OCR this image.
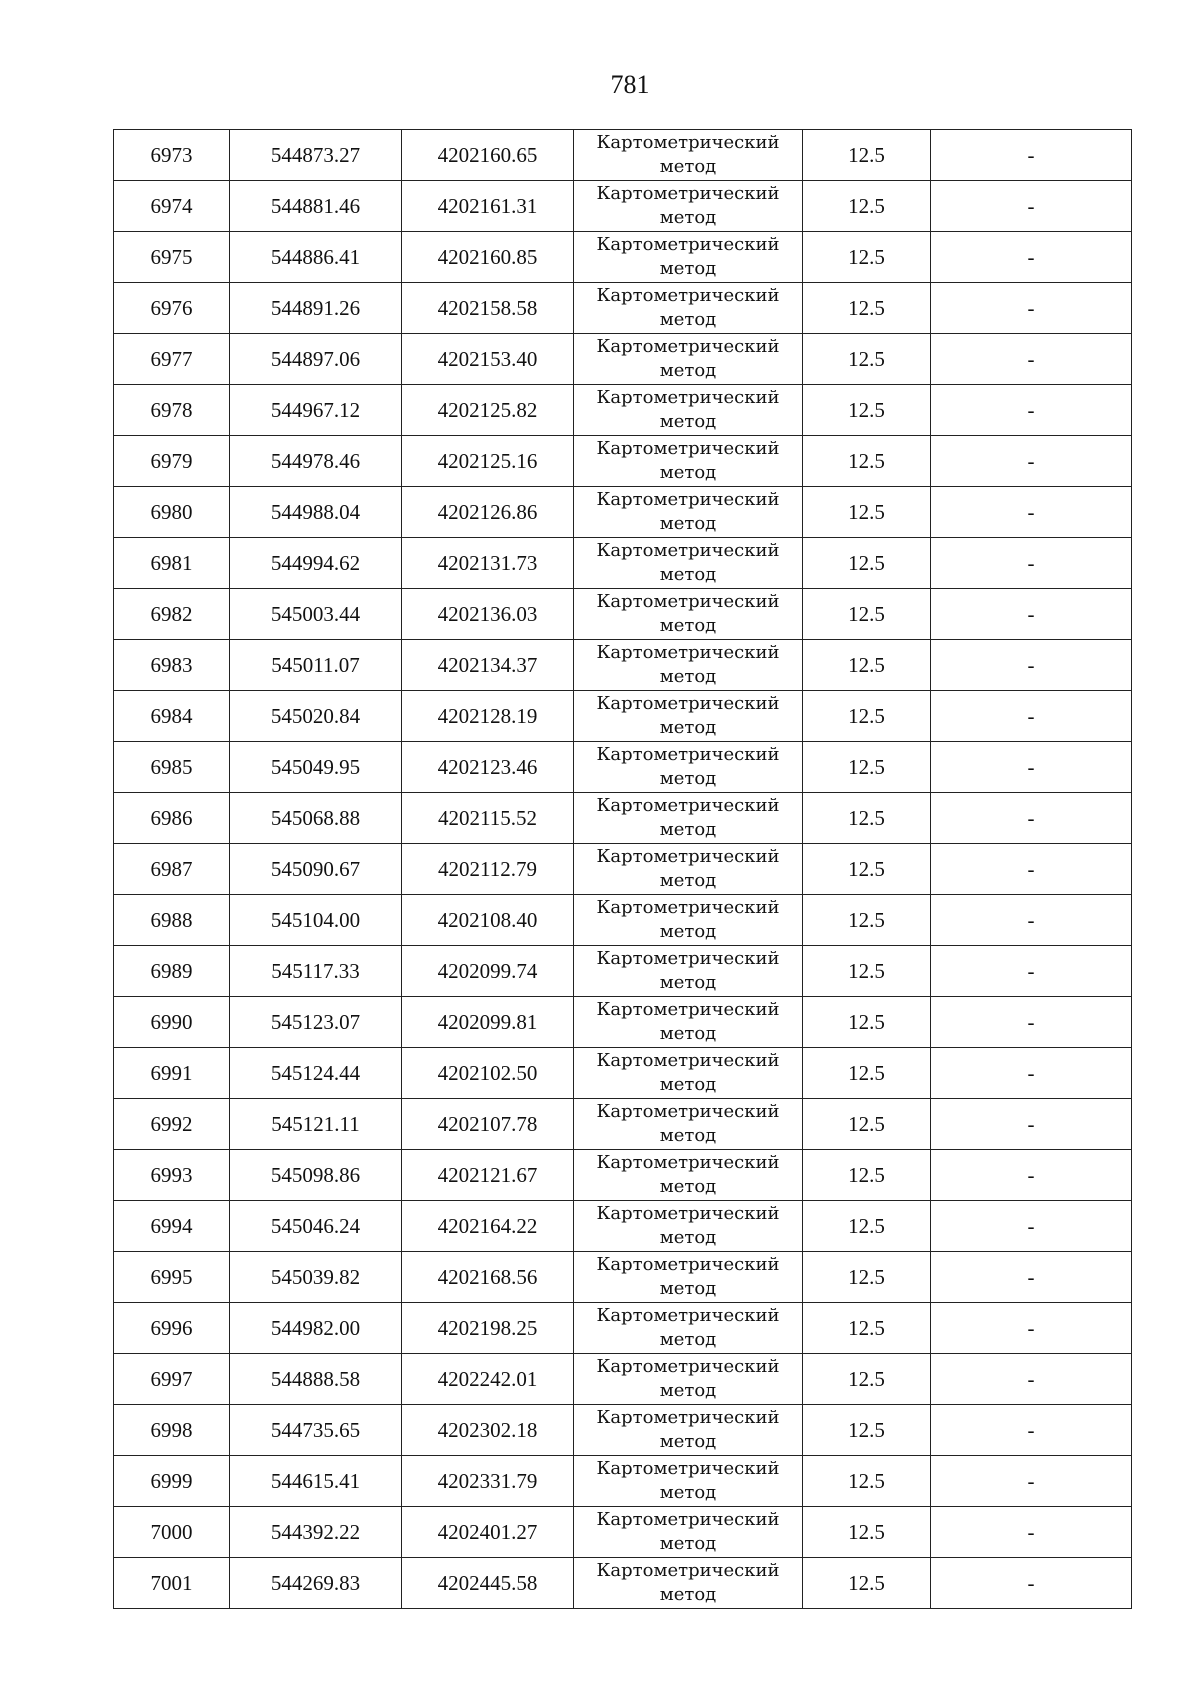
781
6973	544873.27	4202160.65	Картометрический
метод	12.5	-
6974	544881.46	4202161.31	Картометрический
метод	12.5	-
6975	544886.41	4202160.85	Картометрический
метод	12.5	-
6976	544891.26	4202158.58	Картометрический
метод	12.5	-
6977	544897.06	4202153.40	Картометрический
метод	12.5	-
6978	544967.12	4202125.82	Картометрический
метод	12.5	-
6979	544978.46	4202125.16	Картометрический
метод	12.5	-
6980	544988.04	4202126.86	Картометрический
метод	12.5	-
6981	544994.62	4202131.73	Картометрический
метод	12.5	-
6982	545003.44	4202136.03	Картометрический
метод	12.5	-
6983	545011.07	4202134.37	Картометрический
метод	12.5	-
6984	545020.84	4202128.19	Картометрический
метод	12.5	-
6985	545049.95	4202123.46	Картометрический
метод	12.5	-
6986	545068.88	4202115.52	Картометрический
метод	12.5	-
6987	545090.67	4202112.79	Картометрический
метод	12.5	-
6988	545104.00	4202108.40	Картометрический
метод	12.5	-
6989	545117.33	4202099.74	Картометрический
метод	12.5	-
6990	545123.07	4202099.81	Картометрический
метод	12.5	-
6991	545124.44	4202102.50	Картометрический
метод	12.5	-
6992	545121.11	4202107.78	Картометрический
метод	12.5	-
6993	545098.86	4202121.67	Картометрический
метод	12.5	-
6994	545046.24	4202164.22	Картометрический
метод	12.5	-
6995	545039.82	4202168.56	Картометрический
метод	12.5	-
6996	544982.00	4202198.25	Картометрический
метод	12.5	-
6997	544888.58	4202242.01	Картометрический
метод	12.5	-
6998	544735.65	4202302.18	Картометрический
метод	12.5	-
6999	544615.41	4202331.79	Картометрический
метод	12.5	-
7000	544392.22	4202401.27	Картометрический
метод	12.5	-
7001	544269.83	4202445.58	Картометрический
метод	12.5	-
